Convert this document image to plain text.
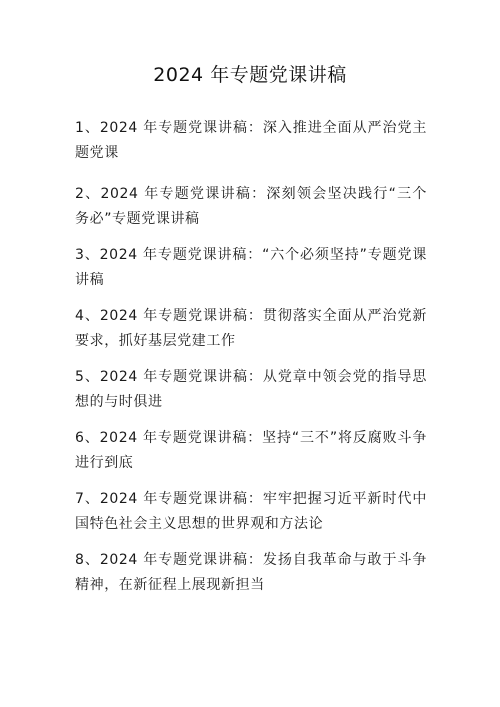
2024 年专题党课讲稿
1、2024 年专题党课讲稿：深入推进全面从严治党主题党课
2、2024 年专题党课讲稿：深刻领会坚决践行“三个务必”专题党课讲稿
3、2024 年专题党课讲稿：“六个必须坚持”专题党课讲稿
4、2024 年专题党课讲稿：贯彻落实全面从严治党新要求，抓好基层党建工作
5、2024 年专题党课讲稿：从党章中领会党的指导思想的与时俱进
6、2024 年专题党课讲稿：坚持“三不”将反腐败斗争进行到底
7、2024 年专题党课讲稿：牢牢把握习近平新时代中国特色社会主义思想的世界观和方法论
8、2024 年专题党课讲稿：发扬自我革命与敢于斗争精神，在新征程上展现新担当
